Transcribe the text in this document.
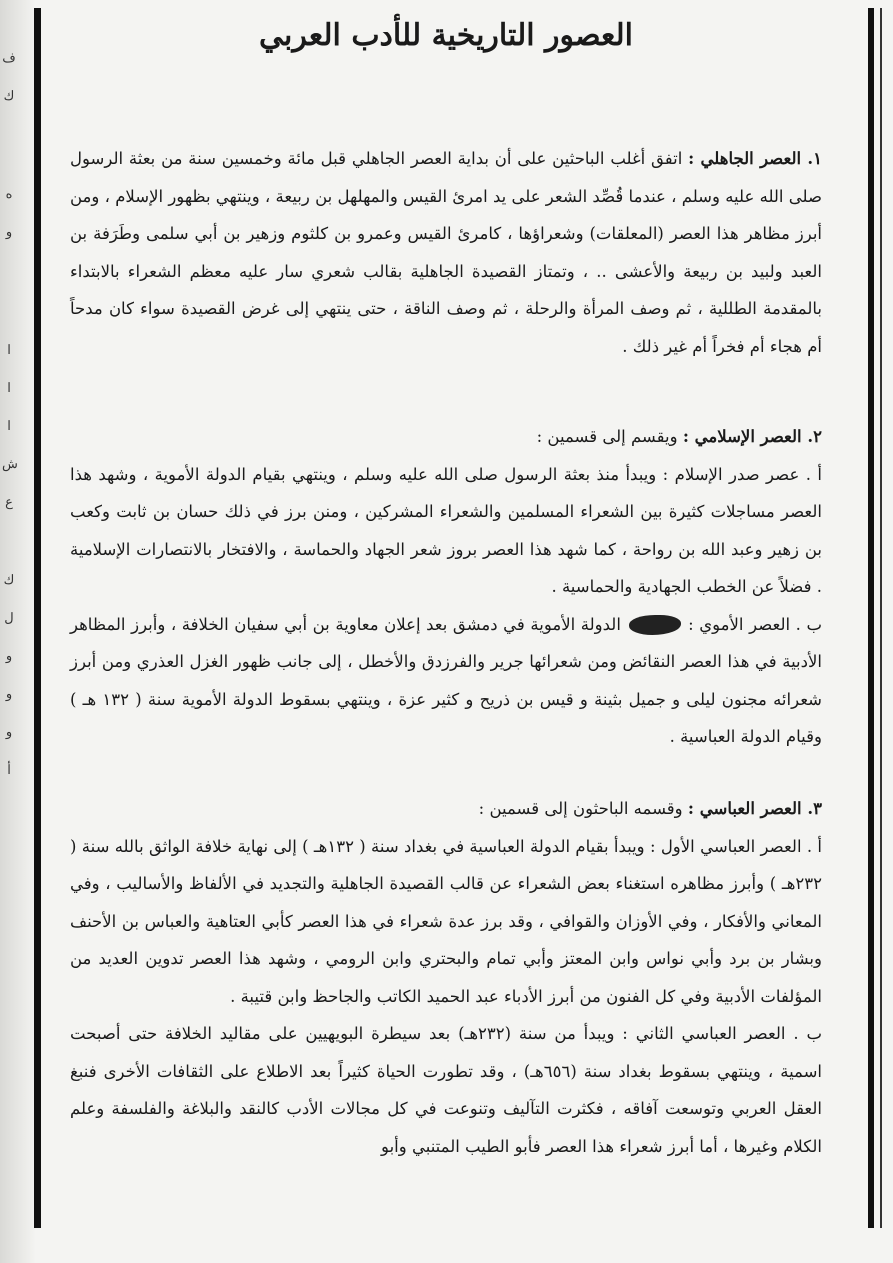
ف
ك
ه
و
ا
ا
ا
ش
ع
ك
ل
و
و
و
أ
العصور التاريخية للأدب العربي

١. العصر الجاهلي : اتفق أغلب الباحثين على أن بداية العصر الجاهلي قبل مائة وخمسين سنة من بعثة الرسول صلى الله عليه وسلم ، عندما قُصِّد الشعر على يد امرئ القيس والمهلهل بن ربيعة ، وينتهي بظهور الإسلام ، ومن أبرز مظاهر هذا العصر (المعلقات) وشعراؤها ، كامرئ القيس وعمرو بن كلثوم وزهير بن أبي سلمى وطَرَفة بن العبد ولبيد بن ربيعة والأعشى .. ، وتمتاز القصيدة الجاهلية بقالب شعري سار عليه معظم الشعراء بالابتداء بالمقدمة الطللية ، ثم وصف المرأة والرحلة ، ثم وصف الناقة ، حتى ينتهي إلى غرض القصيدة سواء كان مدحاً أم هجاء أم فخراً أم غير ذلك .

٢. العصر الإسلامي : ويقسم إلى قسمين :

أ . عصر صدر الإسلام : ويبدأ منذ بعثة الرسول صلى الله عليه وسلم ، وينتهي بقيام الدولة الأموية ، وشهد هذا العصر مساجلات كثيرة بين الشعراء المسلمين والشعراء المشركين ، ومنن برز في ذلك حسان بن ثابت وكعب بن زهير وعبد الله بن رواحة ، كما شهد هذا العصر بروز شعر الجهاد والحماسة ، والافتخار بالانتصارات الإسلامية . فضلاً عن الخطب الجهادية والحماسية .

ب . العصر الأموي :  الدولة الأموية في دمشق بعد إعلان معاوية بن أبي سفيان الخلافة ، وأبرز المظاهر الأدبية في هذا العصر النقائض ومن شعرائها جرير والفرزدق والأخطل ، إلى جانب ظهور الغزل العذري ومن أبرز شعرائه مجنون ليلى و جميل بثينة و قيس بن ذريح و كثير عزة ، وينتهي بسقوط الدولة الأموية سنة ( ١٣٢ هـ ) وقيام الدولة العباسية .

٣. العصر العباسي : وقسمه الباحثون إلى قسمين :

أ . العصر العباسي الأول : ويبدأ بقيام الدولة العباسية في بغداد سنة ( ١٣٢هـ ) إلى نهاية خلافة الواثق بالله سنة ( ٢٣٢هـ ) وأبرز مظاهره استغناء بعض الشعراء عن قالب القصيدة الجاهلية والتجديد في الألفاظ والأساليب ، وفي المعاني والأفكار ، وفي الأوزان والقوافي ، وقد برز عدة شعراء في هذا العصر كأبي العتاهية والعباس بن الأحنف وبشار بن برد وأبي نواس وابن المعتز وأبي تمام والبحتري وابن الرومي ، وشهد هذا العصر تدوين العديد من المؤلفات الأدبية وفي كل الفنون من أبرز الأدباء عبد الحميد الكاتب والجاحظ وابن قتيبة .

ب . العصر العباسي الثاني : ويبدأ من سنة (٢٣٢هـ) بعد سيطرة البويهيين على مقاليد الخلافة حتى أصبحت اسمية ، وينتهي بسقوط بغداد سنة (٦٥٦هـ) ، وقد تطورت الحياة كثيراً بعد الاطلاع على الثقافات الأخرى فنبغ العقل العربي وتوسعت آفاقه ، فكثرت التآليف وتنوعت في كل مجالات الأدب كالنقد والبلاغة والفلسفة وعلم الكلام وغيرها ، أما أبرز شعراء هذا العصر فأبو الطيب المتنبي وأبو
